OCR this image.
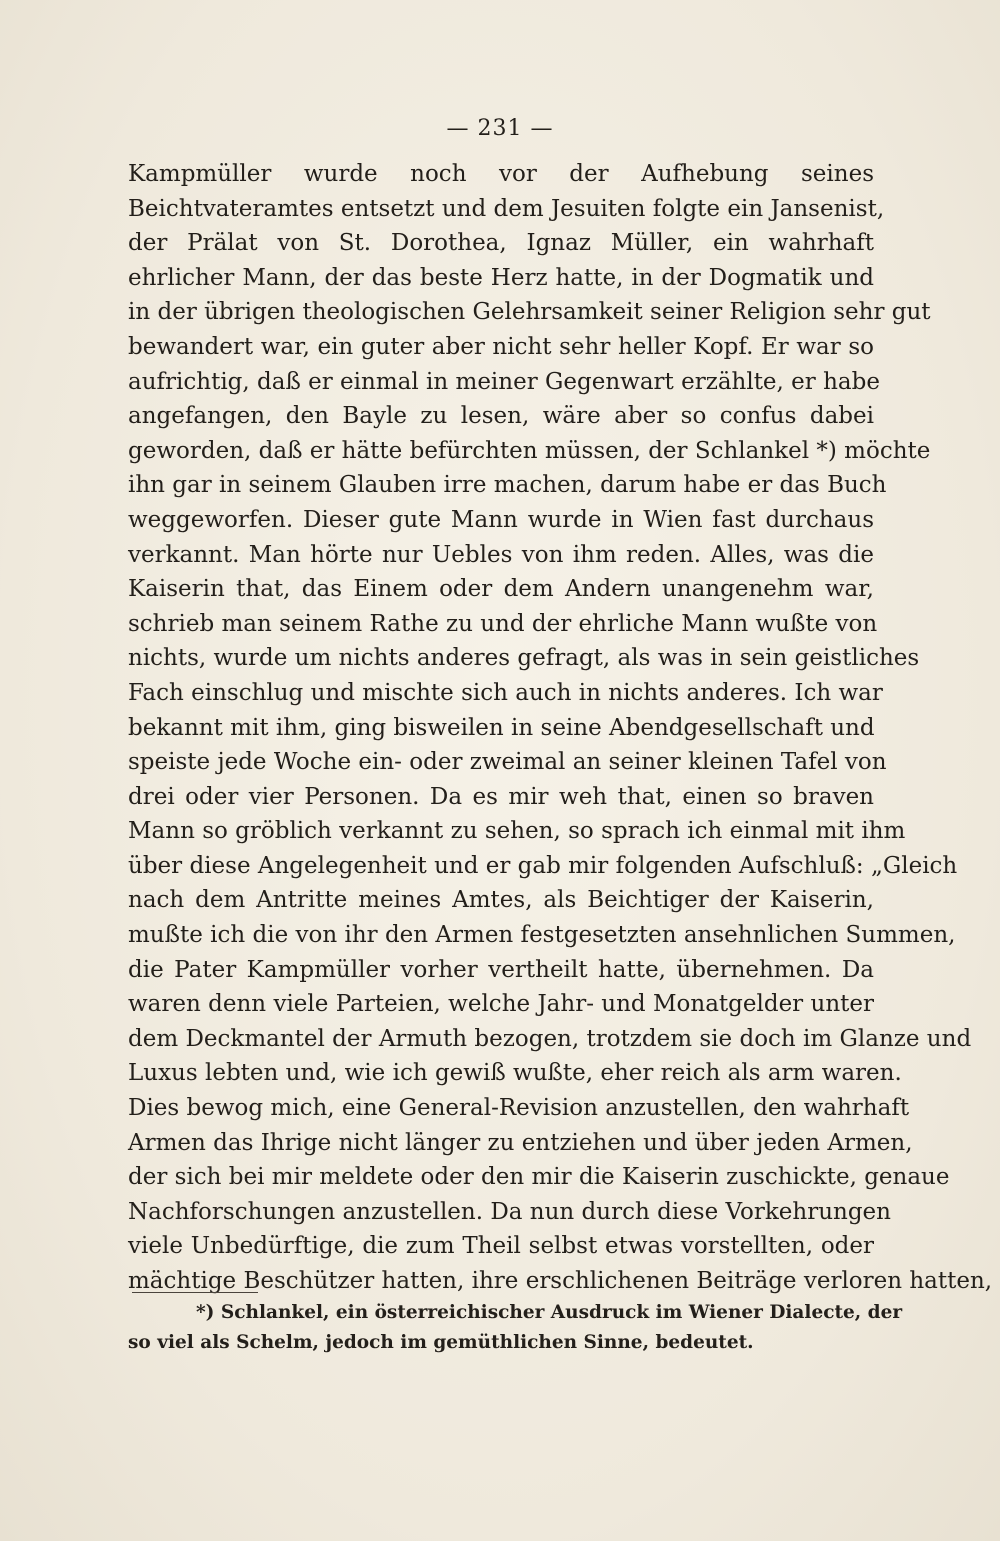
— 231 —
Kampmüller wurde noch vor der Aufhebung seines
Beichtvateramtes entsetzt und dem Jesuiten folgte ein Jansenist,
der Prälat von St. Dorothea, Ignaz Müller, ein wahrhaft
ehrlicher Mann, der das beste Herz hatte, in der Dogmatik und
in der übrigen theologischen Gelehrsamkeit seiner Religion sehr gut
bewandert war, ein guter aber nicht sehr heller Kopf. Er war so
aufrichtig, daß er einmal in meiner Gegenwart erzählte, er habe
angefangen, den Bayle zu lesen, wäre aber so confus dabei
geworden, daß er hätte befürchten müssen, der Schlankel *) möchte
ihn gar in seinem Glauben irre machen, darum habe er das Buch
weggeworfen. Dieser gute Mann wurde in Wien fast durchaus
verkannt. Man hörte nur Uebles von ihm reden. Alles, was die
Kaiserin that, das Einem oder dem Andern unangenehm war,
schrieb man seinem Rathe zu und der ehrliche Mann wußte von
nichts, wurde um nichts anderes gefragt, als was in sein geistliches
Fach einschlug und mischte sich auch in nichts anderes. Ich war
bekannt mit ihm, ging bisweilen in seine Abendgesellschaft und
speiste jede Woche ein- oder zweimal an seiner kleinen Tafel von
drei oder vier Personen. Da es mir weh that, einen so braven
Mann so gröblich verkannt zu sehen, so sprach ich einmal mit ihm
über diese Angelegenheit und er gab mir folgenden Aufschluß: „Gleich
nach dem Antritte meines Amtes, als Beichtiger der Kaiserin,
mußte ich die von ihr den Armen festgesetzten ansehnlichen Summen,
die Pater Kampmüller vorher vertheilt hatte, übernehmen. Da
waren denn viele Parteien, welche Jahr- und Monatgelder unter
dem Deckmantel der Armuth bezogen, trotzdem sie doch im Glanze und
Luxus lebten und, wie ich gewiß wußte, eher reich als arm waren.
Dies bewog mich, eine General-Revision anzustellen, den wahrhaft
Armen das Ihrige nicht länger zu entziehen und über jeden Armen,
der sich bei mir meldete oder den mir die Kaiserin zuschickte, genaue
Nachforschungen anzustellen. Da nun durch diese Vorkehrungen
viele Unbedürftige, die zum Theil selbst etwas vorstellten, oder
mächtige Beschützer hatten, ihre erschlichenen Beiträge verloren hatten,
*) Schlankel, ein österreichischer Ausdruck im Wiener Dialecte, der
so viel als Schelm, jedoch im gemüthlichen Sinne, bedeutet.
